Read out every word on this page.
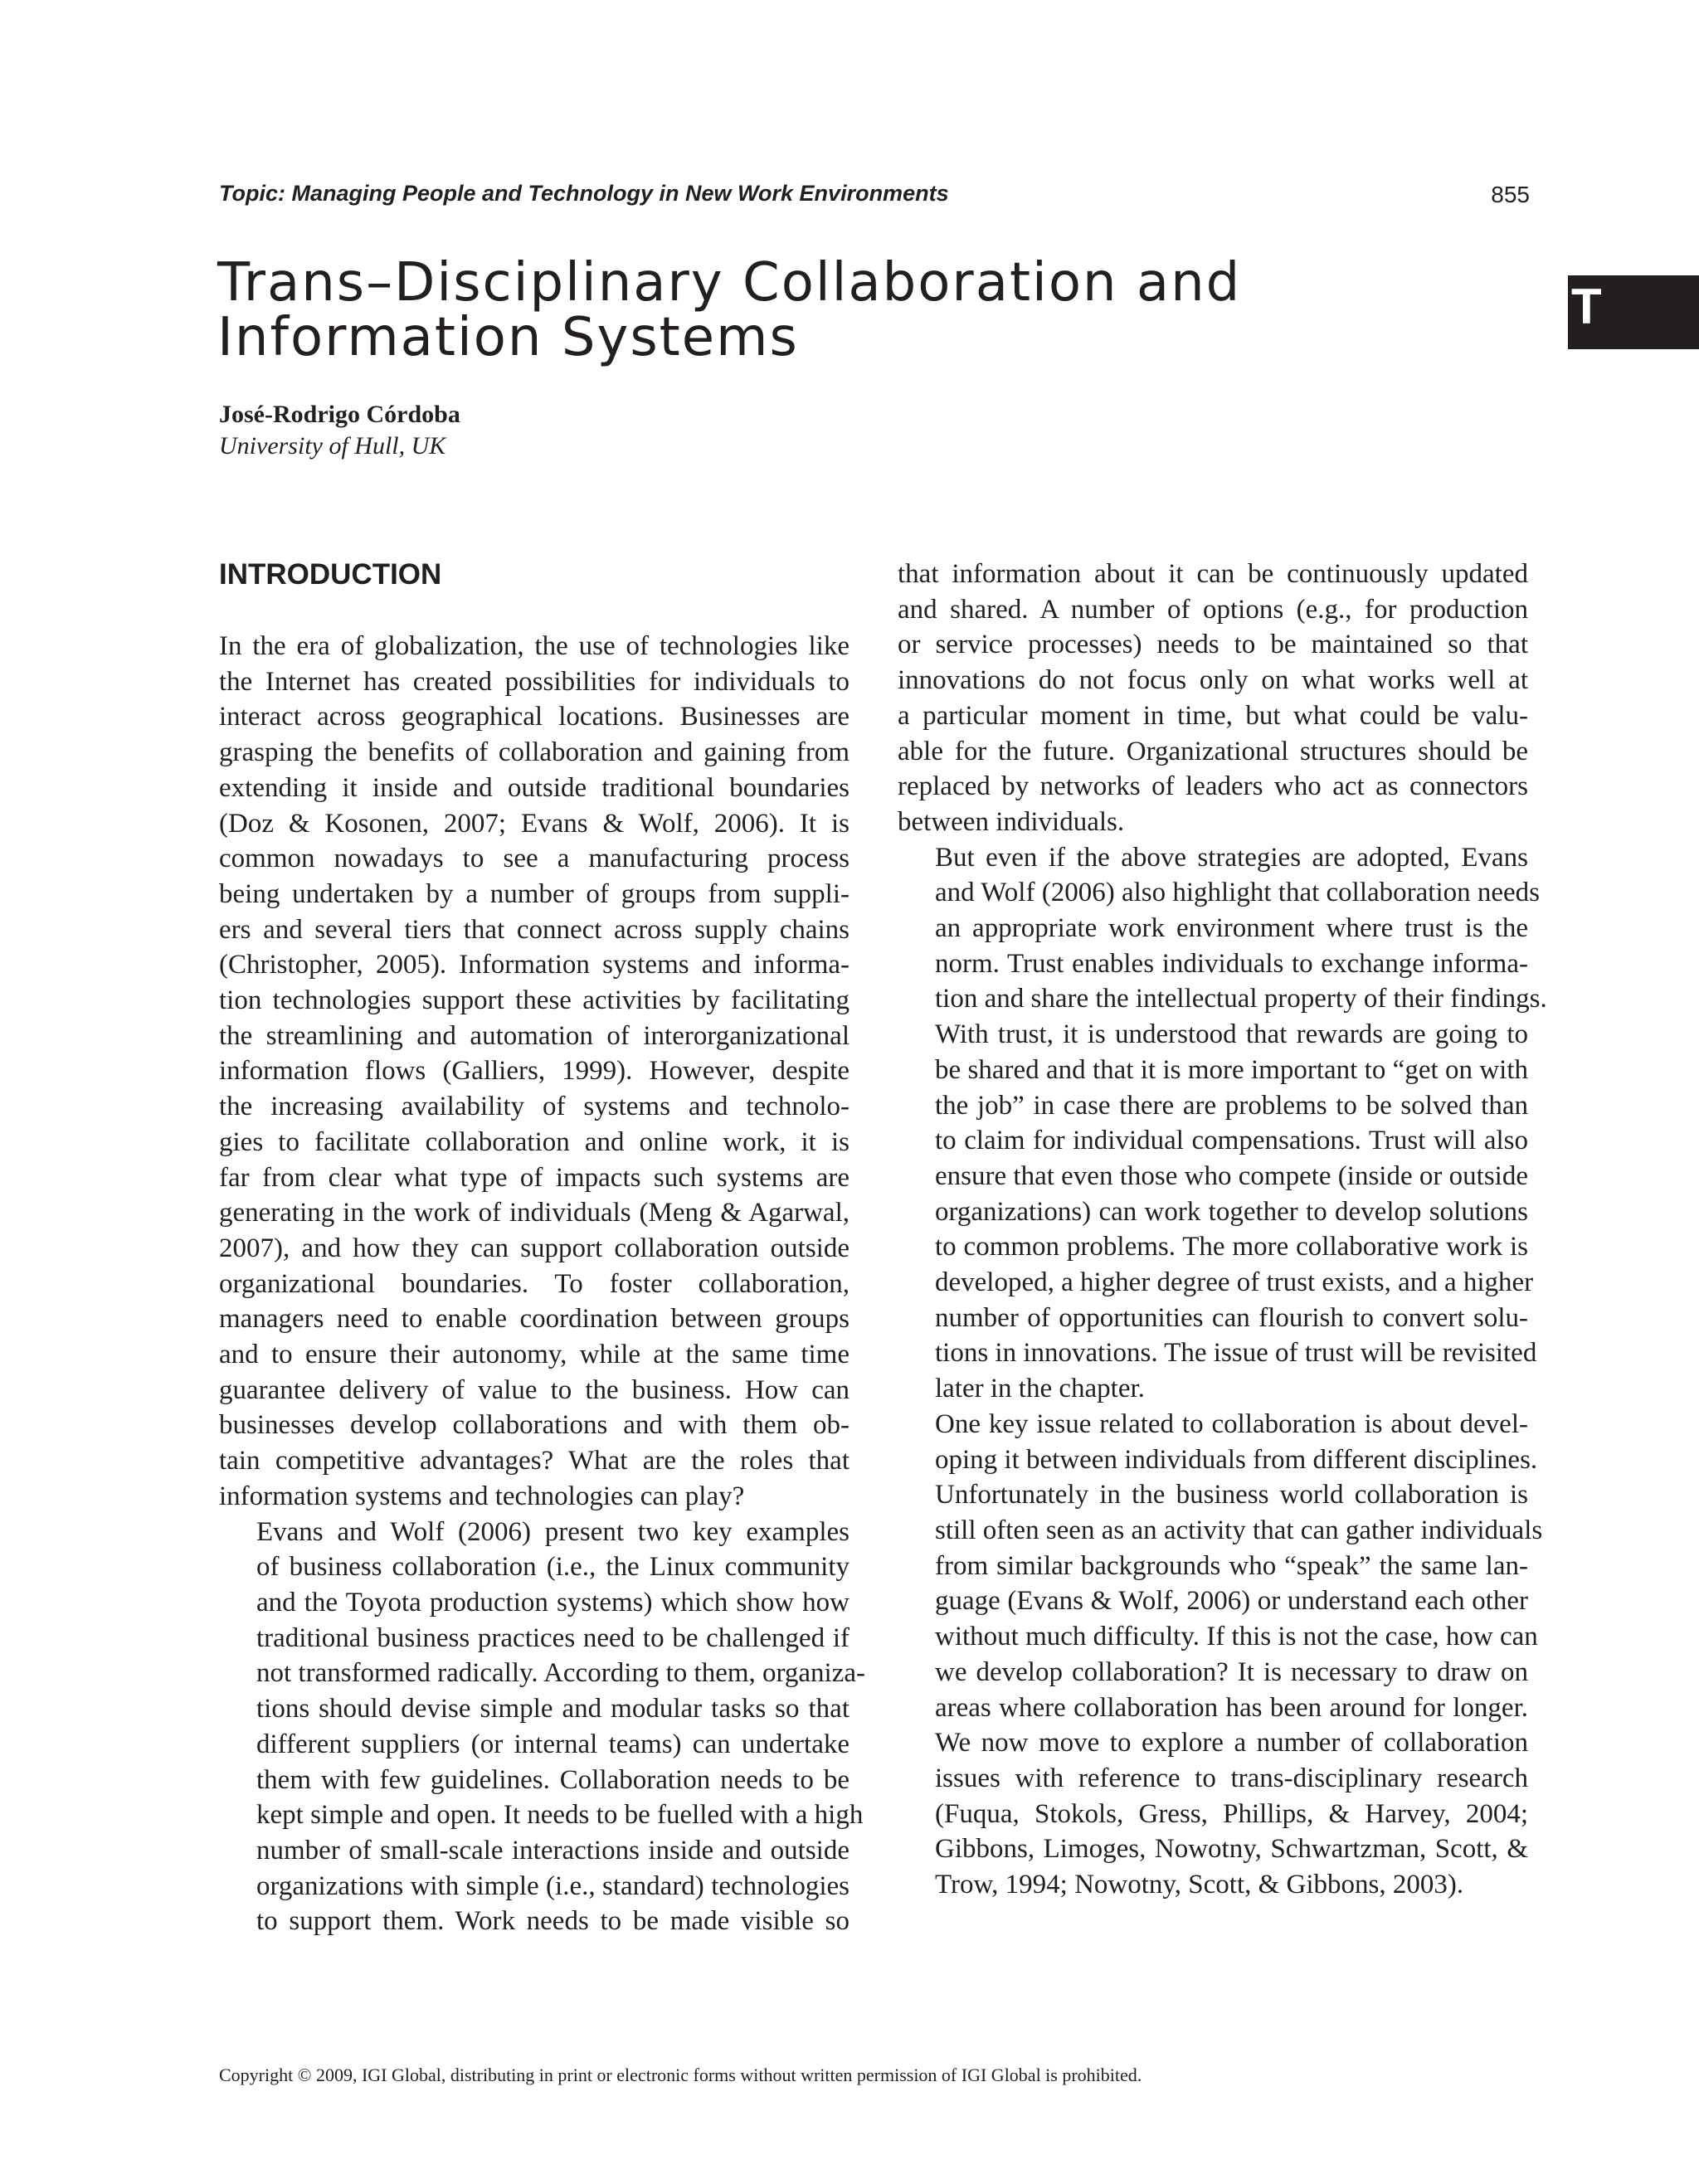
Topic: Managing People and Technology in New Work Environments	855
Trans–Disciplinary Collaboration and
Information Systems
T
José-Rodrigo Córdoba
University of Hull, UK
INTRODUCTION

In the era of globalization, the use of technologies like
the Internet has created possibilities for individuals to
interact across geographical locations. Businesses are
grasping the benefits of collaboration and gaining from
extending it inside and outside traditional boundaries
(Doz & Kosonen, 2007; Evans & Wolf, 2006). It is
common nowadays to see a manufacturing process
being undertaken by a number of groups from suppli-
ers and several tiers that connect across supply chains
(Christopher, 2005). Information systems and informa-
tion technologies support these activities by facilitating
the streamlining and automation of interorganizational
information flows (Galliers, 1999). However, despite
the increasing availability of systems and technolo-
gies to facilitate collaboration and online work, it is
far from clear what type of impacts such systems are
generating in the work of individuals (Meng & Agarwal,
2007), and how they can support collaboration outside
organizational boundaries. To foster collaboration,
managers need to enable coordination between groups
and to ensure their autonomy, while at the same time
guarantee delivery of value to the business. How can
businesses develop collaborations and with them ob-
tain competitive advantages? What are the roles that
information systems and technologies can play?

Evans and Wolf (2006) present two key examples
of business collaboration (i.e., the Linux community
and the Toyota production systems) which show how
traditional business practices need to be challenged if
not transformed radically. According to them, organiza-
tions should devise simple and modular tasks so that
different suppliers (or internal teams) can undertake
them with few guidelines. Collaboration needs to be
kept simple and open. It needs to be fuelled with a high
number of small-scale interactions inside and outside
organizations with simple (i.e., standard) technologies
to support them. Work needs to be made visible so

that information about it can be continuously updated
and shared. A number of options (e.g., for production
or service processes) needs to be maintained so that
innovations do not focus only on what works well at
a particular moment in time, but what could be valu-
able for the future. Organizational structures should be
replaced by networks of leaders who act as connectors
between individuals.

But even if the above strategies are adopted, Evans
and Wolf (2006) also highlight that collaboration needs
an appropriate work environment where trust is the
norm. Trust enables individuals to exchange informa-
tion and share the intellectual property of their findings.
With trust, it is understood that rewards are going to
be shared and that it is more important to “get on with
the job” in case there are problems to be solved than
to claim for individual compensations. Trust will also
ensure that even those who compete (inside or outside
organizations) can work together to develop solutions
to common problems. The more collaborative work is
developed, a higher degree of trust exists, and a higher
number of opportunities can flourish to convert solu-
tions in innovations. The issue of trust will be revisited
later in the chapter.

One key issue related to collaboration is about devel-
oping it between individuals from different disciplines.
Unfortunately in the business world collaboration is
still often seen as an activity that can gather individuals
from similar backgrounds who “speak” the same lan-
guage (Evans & Wolf, 2006) or understand each other
without much difficulty. If this is not the case, how can
we develop collaboration? It is necessary to draw on
areas where collaboration has been around for longer.
We now move to explore a number of collaboration
issues with reference to trans-disciplinary research
(Fuqua, Stokols, Gress, Phillips, & Harvey, 2004;
Gibbons, Limoges, Nowotny, Schwartzman, Scott, &
Trow, 1994; Nowotny, Scott, & Gibbons, 2003).

Copyright © 2009, IGI Global, distributing in print or electronic forms without written permission of IGI Global is prohibited.
